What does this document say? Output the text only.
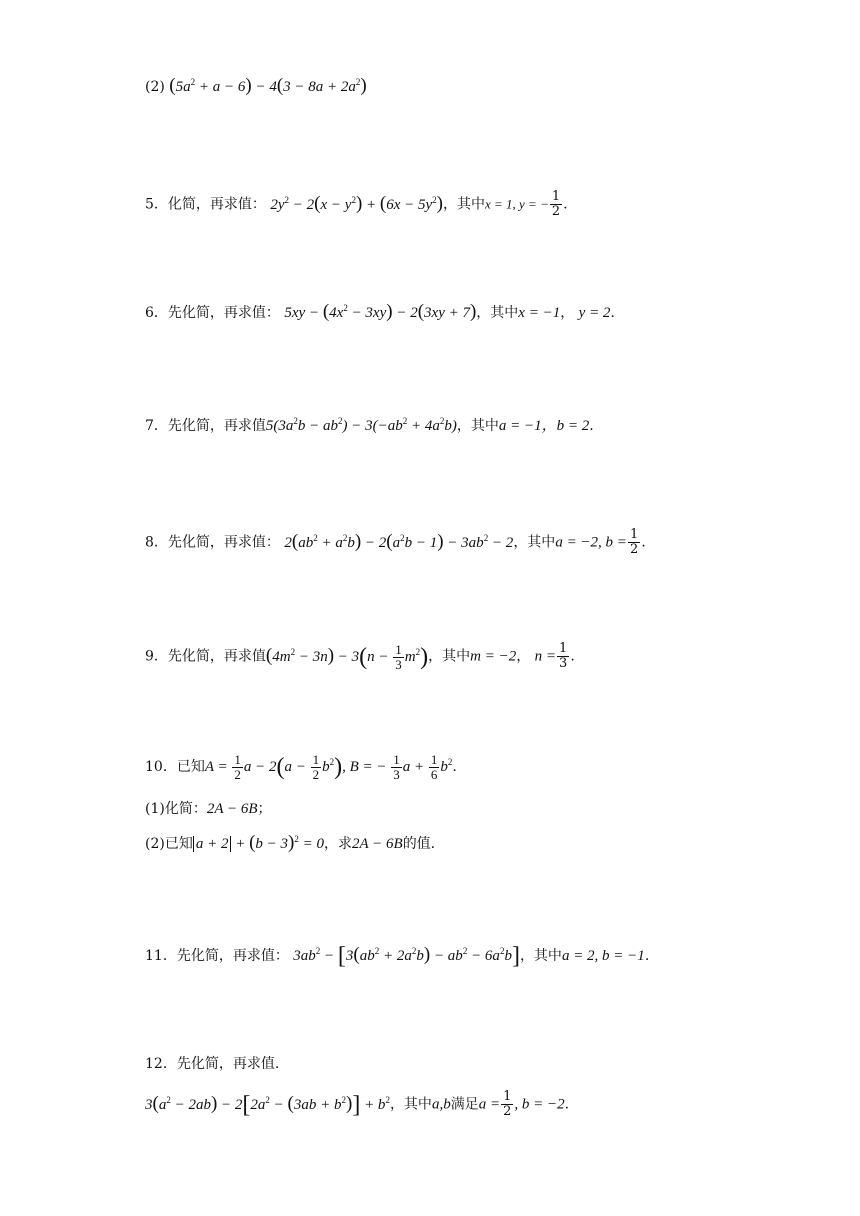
(2) $(5a^2 + a - 6) - 4(3 - 8a + 2a^2)$
5．化简，再求值： $2y^2 - 2(x - y^2) + (6x - 5y^2)$，其中x = 1, y = − $\frac{1}{2}$ .
6．先化简，再求值： $5xy - (4x^2 - 3xy) - 2(3xy + 7)$，其中x = −1， y = 2.
7．先化简，再求值$5(3a^2b - ab^2) - 3(-ab^2 + 4a^2b)$，其中a = −1，b = 2.
8．先化简，再求值： $2(ab^2 + a^2b) - 2(a^2b - 1) - 3ab^2 - 2$，其中a = −2, $b = \frac{1}{2}$ .
9．先化简，再求值$(4m^2 - 3n) - 3(n - \frac{1}{3} m^2)$，其中m = −2， $n = \frac{1}{3}$ .
10．已知$A = \frac{1}{2}$ $a - 2(a - \frac{1}{2} b^2)$, B = − $\frac{1}{3}$ $a + \frac{1}{6} b^2$.
(1)化简：2A − 6B；
(2)已知 $a + 2 + (b - 3)^2 = 0$，求2A − 6B的值.
11．先化简，再求值： $3ab^2 - [3(ab^2 + 2a^2b) - ab^2 - 6a^2b]$，其中a = 2, b = −1.
12．先化简，再求值.
$3(a^2 - 2ab) - 2[2a^2 - (3ab + b^2)] + b^2$，其中a,b满足$a = \frac{1}{2}$ , b = −2.
